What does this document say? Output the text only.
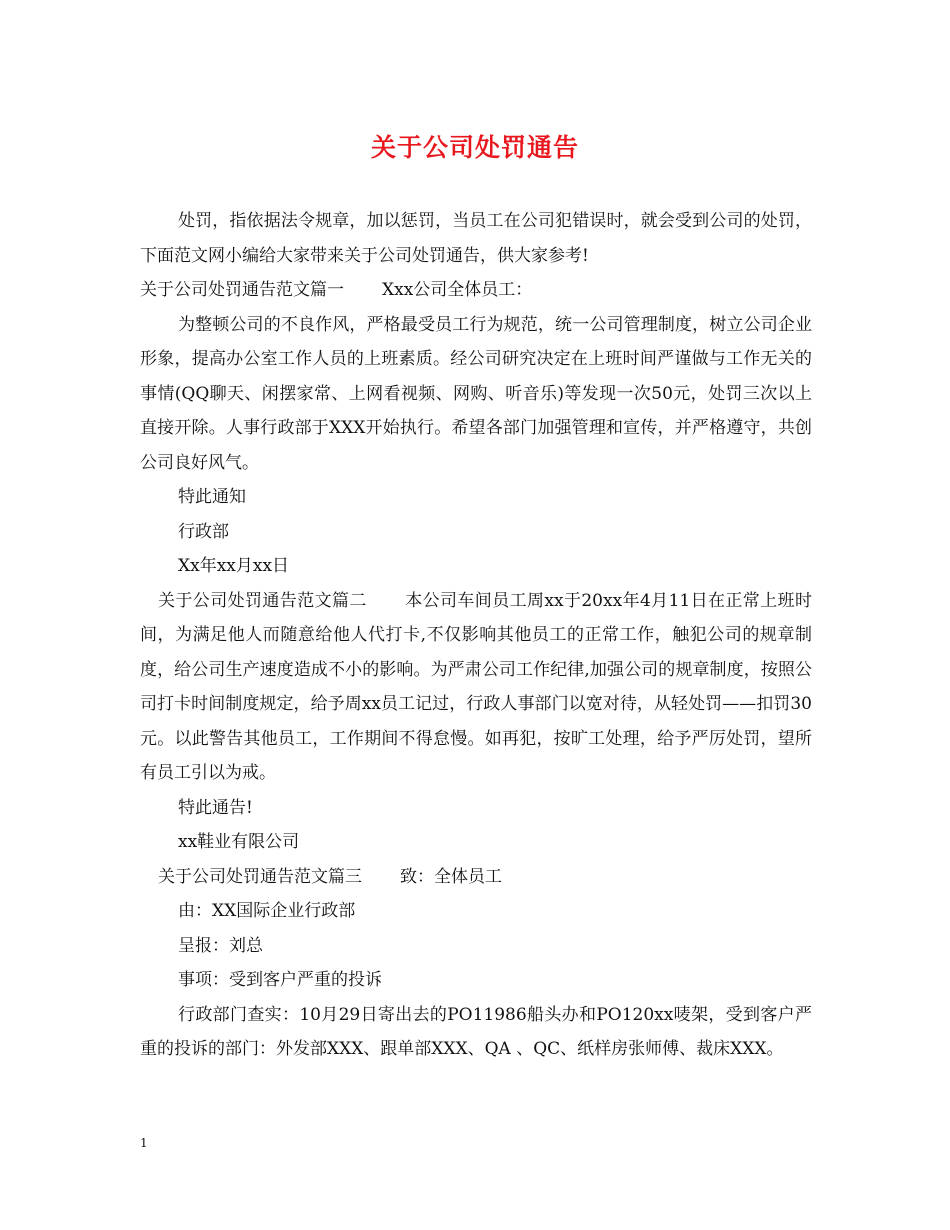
关于公司处罚通告

处罚，指依据法令规章，加以惩罚，当员工在公司犯错误时，就会受到公司的处罚，下面范文网小编给大家带来关于公司处罚通告，供大家参考!

关于公司处罚通告范文篇一 Xxx公司全体员工：

为整顿公司的不良作风，严格最受员工行为规范，统一公司管理制度，树立公司企业形象，提高办公室工作人员的上班素质。经公司研究决定在上班时间严谨做与工作无关的事情(QQ聊天、闲摆家常、上网看视频、网购、听音乐)等发现一次50元，处罚三次以上直接开除。人事行政部于XXX开始执行。希望各部门加强管理和宣传，并严格遵守，共创公司良好风气。

特此通知

行政部

Xx年xx月xx日

关于公司处罚通告范文篇二 本公司车间员工周xx于20xx年4月11日在正常上班时间，为满足他人而随意给他人代打卡,不仅影响其他员工的正常工作，触犯公司的规章制度，给公司生产速度造成不小的影响。为严肃公司工作纪律,加强公司的规章制度，按照公司打卡时间制度规定，给予周xx员工记过，行政人事部门以宽对待，从轻处罚——扣罚30元。以此警告其他员工，工作期间不得怠慢。如再犯，按旷工处理，给予严厉处罚，望所有员工引以为戒。

特此通告!

xx鞋业有限公司

关于公司处罚通告范文篇三 致：全体员工

由：XX国际企业行政部

呈报：刘总

事项：受到客户严重的投诉

行政部门查实：10月29日寄出去的PO11986船头办和PO120xx唛架，受到客户严重的投诉的部门：外发部XXX、跟单部XXX、QA 、QC、纸样房张师傅、裁床XXX。

1
